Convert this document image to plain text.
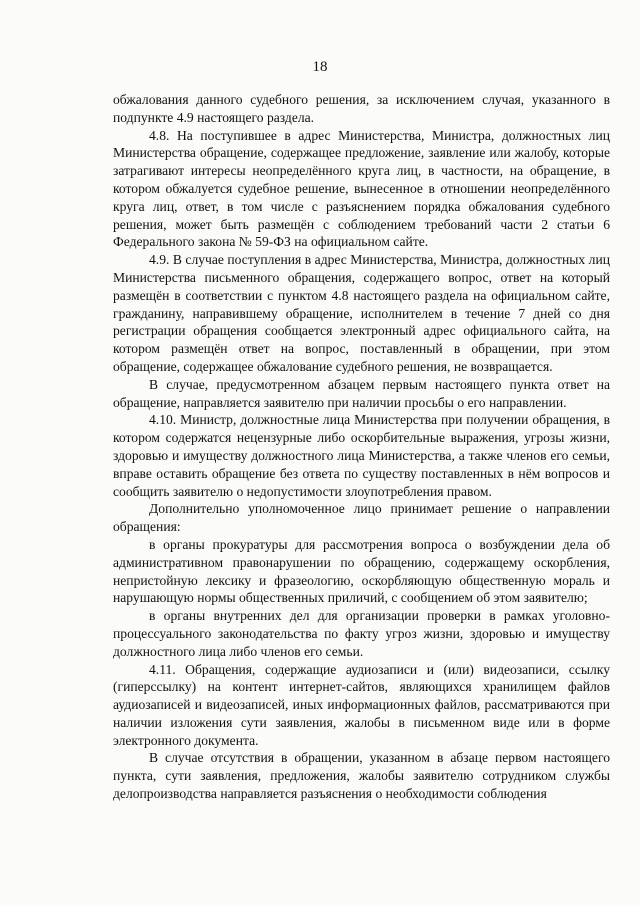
18

обжалования данного судебного решения, за исключением случая, указанного в подпункте 4.9 настоящего раздела.

4.8. На поступившее в адрес Министерства, Министра, должностных лиц Министерства обращение, содержащее предложение, заявление или жалобу, которые затрагивают интересы неопределённого круга лиц, в частности, на обращение, в котором обжалуется судебное решение, вынесенное в отношении неопределённого круга лиц, ответ, в том числе с разъяснением порядка обжалования судебного решения, может быть размещён с соблюдением требований части 2 статьи 6 Федерального закона № 59-ФЗ на официальном сайте.

4.9. В случае поступления в адрес Министерства, Министра, должностных лиц Министерства письменного обращения, содержащего вопрос, ответ на который размещён в соответствии с пунктом 4.8 настоящего раздела на официальном сайте, гражданину, направившему обращение, исполнителем в течение 7 дней со дня регистрации обращения сообщается электронный адрес официального сайта, на котором размещён ответ на вопрос, поставленный в обращении, при этом обращение, содержащее обжалование судебного решения, не возвращается.

В случае, предусмотренном абзацем первым настоящего пункта ответ на обращение, направляется заявителю при наличии просьбы о его направлении.

4.10. Министр, должностные лица Министерства при получении обращения, в котором содержатся нецензурные либо оскорбительные выражения, угрозы жизни, здоровью и имуществу должностного лица Министерства, а также членов его семьи, вправе оставить обращение без ответа по существу поставленных в нём вопросов и сообщить заявителю о недопустимости злоупотребления правом.

Дополнительно уполномоченное лицо принимает решение о направлении обращения:

в органы прокуратуры для рассмотрения вопроса о возбуждении дела об административном правонарушении по обращению, содержащему оскорбления, непристойную лексику и фразеологию, оскорбляющую общественную мораль и нарушающую нормы общественных приличий, с сообщением об этом заявителю;

в органы внутренних дел для организации проверки в рамках уголовно-процессуального законодательства по факту угроз жизни, здоровью и имуществу должностного лица либо членов его семьи.

4.11. Обращения, содержащие аудиозаписи и (или) видеозаписи, ссылку (гиперссылку) на контент интернет-сайтов, являющихся хранилищем файлов аудиозаписей и видеозаписей, иных информационных файлов, рассматриваются при наличии изложения сути заявления, жалобы в письменном виде или в форме электронного документа.

В случае отсутствия в обращении, указанном в абзаце первом настоящего пункта, сути заявления, предложения, жалобы заявителю сотрудником службы делопроизводства направляется разъяснения о необходимости соблюдения
